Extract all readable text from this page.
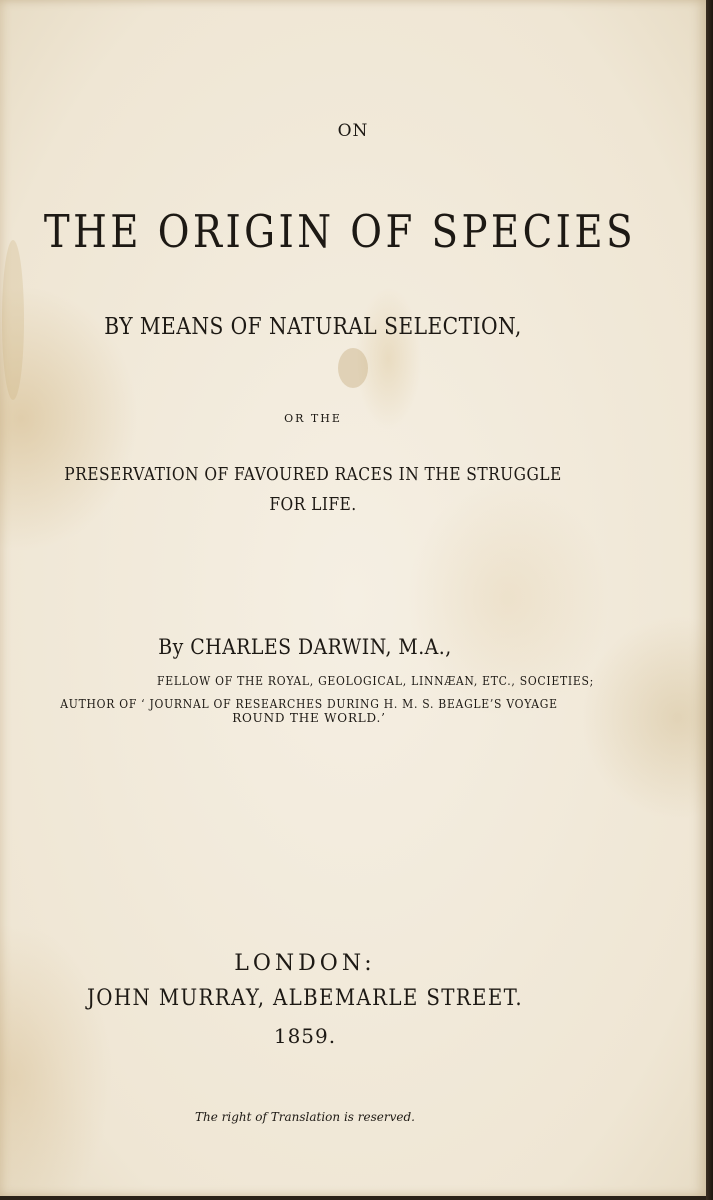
ON

THE ORIGIN OF SPECIES

BY MEANS OF NATURAL SELECTION,

OR THE

PRESERVATION OF FAVOURED RACES IN THE STRUGGLE

FOR LIFE.

By CHARLES DARWIN, M.A.,

FELLOW OF THE ROYAL, GEOLOGICAL, LINNÆAN, ETC., SOCIETIES;

AUTHOR OF ‘ JOURNAL OF RESEARCHES DURING H. M. S. BEAGLE’S VOYAGE

ROUND THE WORLD.’

LONDON:

JOHN MURRAY, ALBEMARLE STREET.

1859.

The right of Translation is reserved.
